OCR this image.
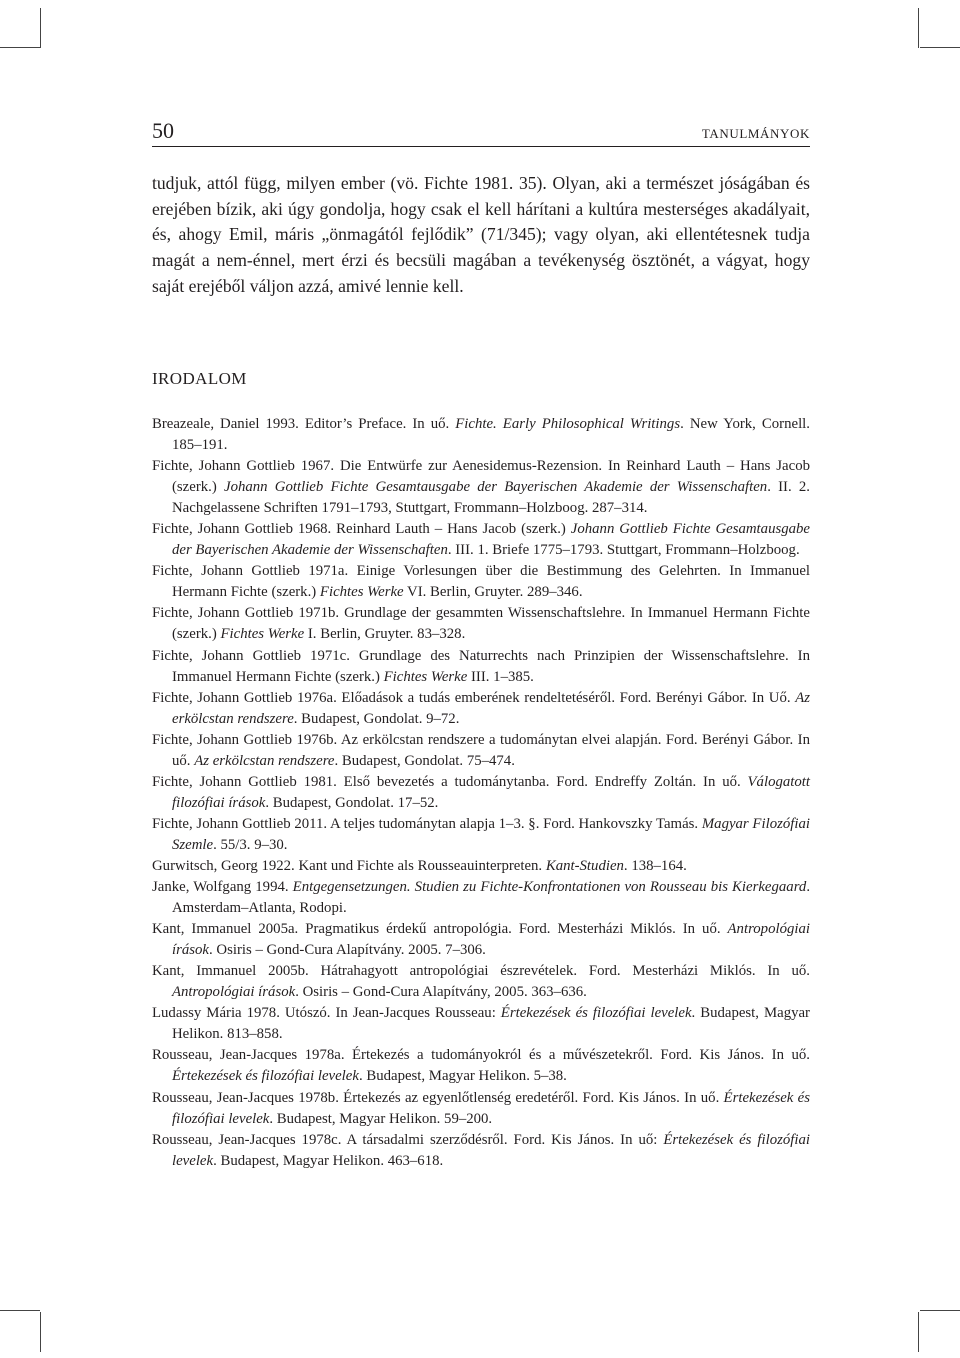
50	TANULMÁNYOK

tudjuk, attól függ, milyen ember (vö. Fichte 1981. 35). Olyan, aki a természet jóságában és erejében bízik, aki úgy gondolja, hogy csak el kell hárítani a kultúra mesterséges akadályait, és, ahogy Emil, máris „önmagától fejlődik” (71/345); vagy olyan, aki ellentétesnek tudja magát a nem-énnel, mert érzi és becsüli magában a tevékenység ösztönét, a vágyat, hogy saját erejéből váljon azzá, amivé lennie kell.

IRODALOM
Breazeale, Daniel 1993. Editor’s Preface. In uő. Fichte. Early Philosophical Writings. New York, Cornell. 185–191.
Fichte, Johann Gottlieb 1967. Die Entwürfe zur Aenesidemus-Rezension. In Reinhard Lauth – Hans Jacob (szerk.) Johann Gottlieb Fichte Gesamtausgabe der Bayerischen Akademie der Wissenschaften. II. 2. Nachgelassene Schriften 1791–1793, Stuttgart, Frommann–Holzboog. 287–314.
Fichte, Johann Gottlieb 1968. Reinhard Lauth – Hans Jacob (szerk.) Johann Gottlieb Fichte Gesamtausgabe der Bayerischen Akademie der Wissenschaften. III. 1. Briefe 1775–1793. Stuttgart, Frommann–Holzboog.
Fichte, Johann Gottlieb 1971a. Einige Vorlesungen über die Bestimmung des Gelehrten. In Immanuel Hermann Fichte (szerk.) Fichtes Werke VI. Berlin, Gruyter. 289–346.
Fichte, Johann Gottlieb 1971b. Grundlage der gesammten Wissenschaftslehre. In Immanuel Hermann Fichte (szerk.) Fichtes Werke I. Berlin, Gruyter. 83–328.
Fichte, Johann Gottlieb 1971c. Grundlage des Naturrechts nach Prinzipien der Wissenschaftslehre. In Immanuel Hermann Fichte (szerk.) Fichtes Werke III. 1–385.
Fichte, Johann Gottlieb 1976a. Előadások a tudás emberének rendeltetéséről. Ford. Berényi Gábor. In Uő. Az erkölcstan rendszere. Budapest, Gondolat. 9–72.
Fichte, Johann Gottlieb 1976b. Az erkölcstan rendszere a tudománytan elvei alapján. Ford. Berényi Gábor. In uő. Az erkölcstan rendszere. Budapest, Gondolat. 75–474.
Fichte, Johann Gottlieb 1981. Első bevezetés a tudománytanba. Ford. Endreffy Zoltán. In uő. Válogatott filozófiai írások. Budapest, Gondolat. 17–52.
Fichte, Johann Gottlieb 2011. A teljes tudománytan alapja 1–3. §. Ford. Hankovszky Tamás. Magyar Filozófiai Szemle. 55/3. 9–30.
Gurwitsch, Georg 1922. Kant und Fichte als Rousseauinterpreten. Kant-Studien. 138–164.
Janke, Wolfgang 1994. Entgegensetzungen. Studien zu Fichte-Konfrontationen von Rousseau bis Kierkegaard. Amsterdam–Atlanta, Rodopi.
Kant, Immanuel 2005a. Pragmatikus érdekű antropológia. Ford. Mesterházi Miklós. In uő. Antropológiai írások. Osiris – Gond-Cura Alapítvány. 2005. 7–306.
Kant, Immanuel 2005b. Hátrahagyott antropológiai észrevételek. Ford. Mesterházi Miklós. In uő. Antropológiai írások. Osiris – Gond-Cura Alapítvány, 2005. 363–636.
Ludassy Mária 1978. Utószó. In Jean-Jacques Rousseau: Értekezések és filozófiai levelek. Budapest, Magyar Helikon. 813–858.
Rousseau, Jean-Jacques 1978a. Értekezés a tudományokról és a művészetekről. Ford. Kis János. In uő. Értekezések és filozófiai levelek. Budapest, Magyar Helikon. 5–38.
Rousseau, Jean-Jacques 1978b. Értekezés az egyenlőtlenség eredetéről. Ford. Kis János. In uő. Értekezések és filozófiai levelek. Budapest, Magyar Helikon. 59–200.
Rousseau, Jean-Jacques 1978c. A társadalmi szerződésről. Ford. Kis János. In uő: Értekezések és filozófiai levelek. Budapest, Magyar Helikon. 463–618.
